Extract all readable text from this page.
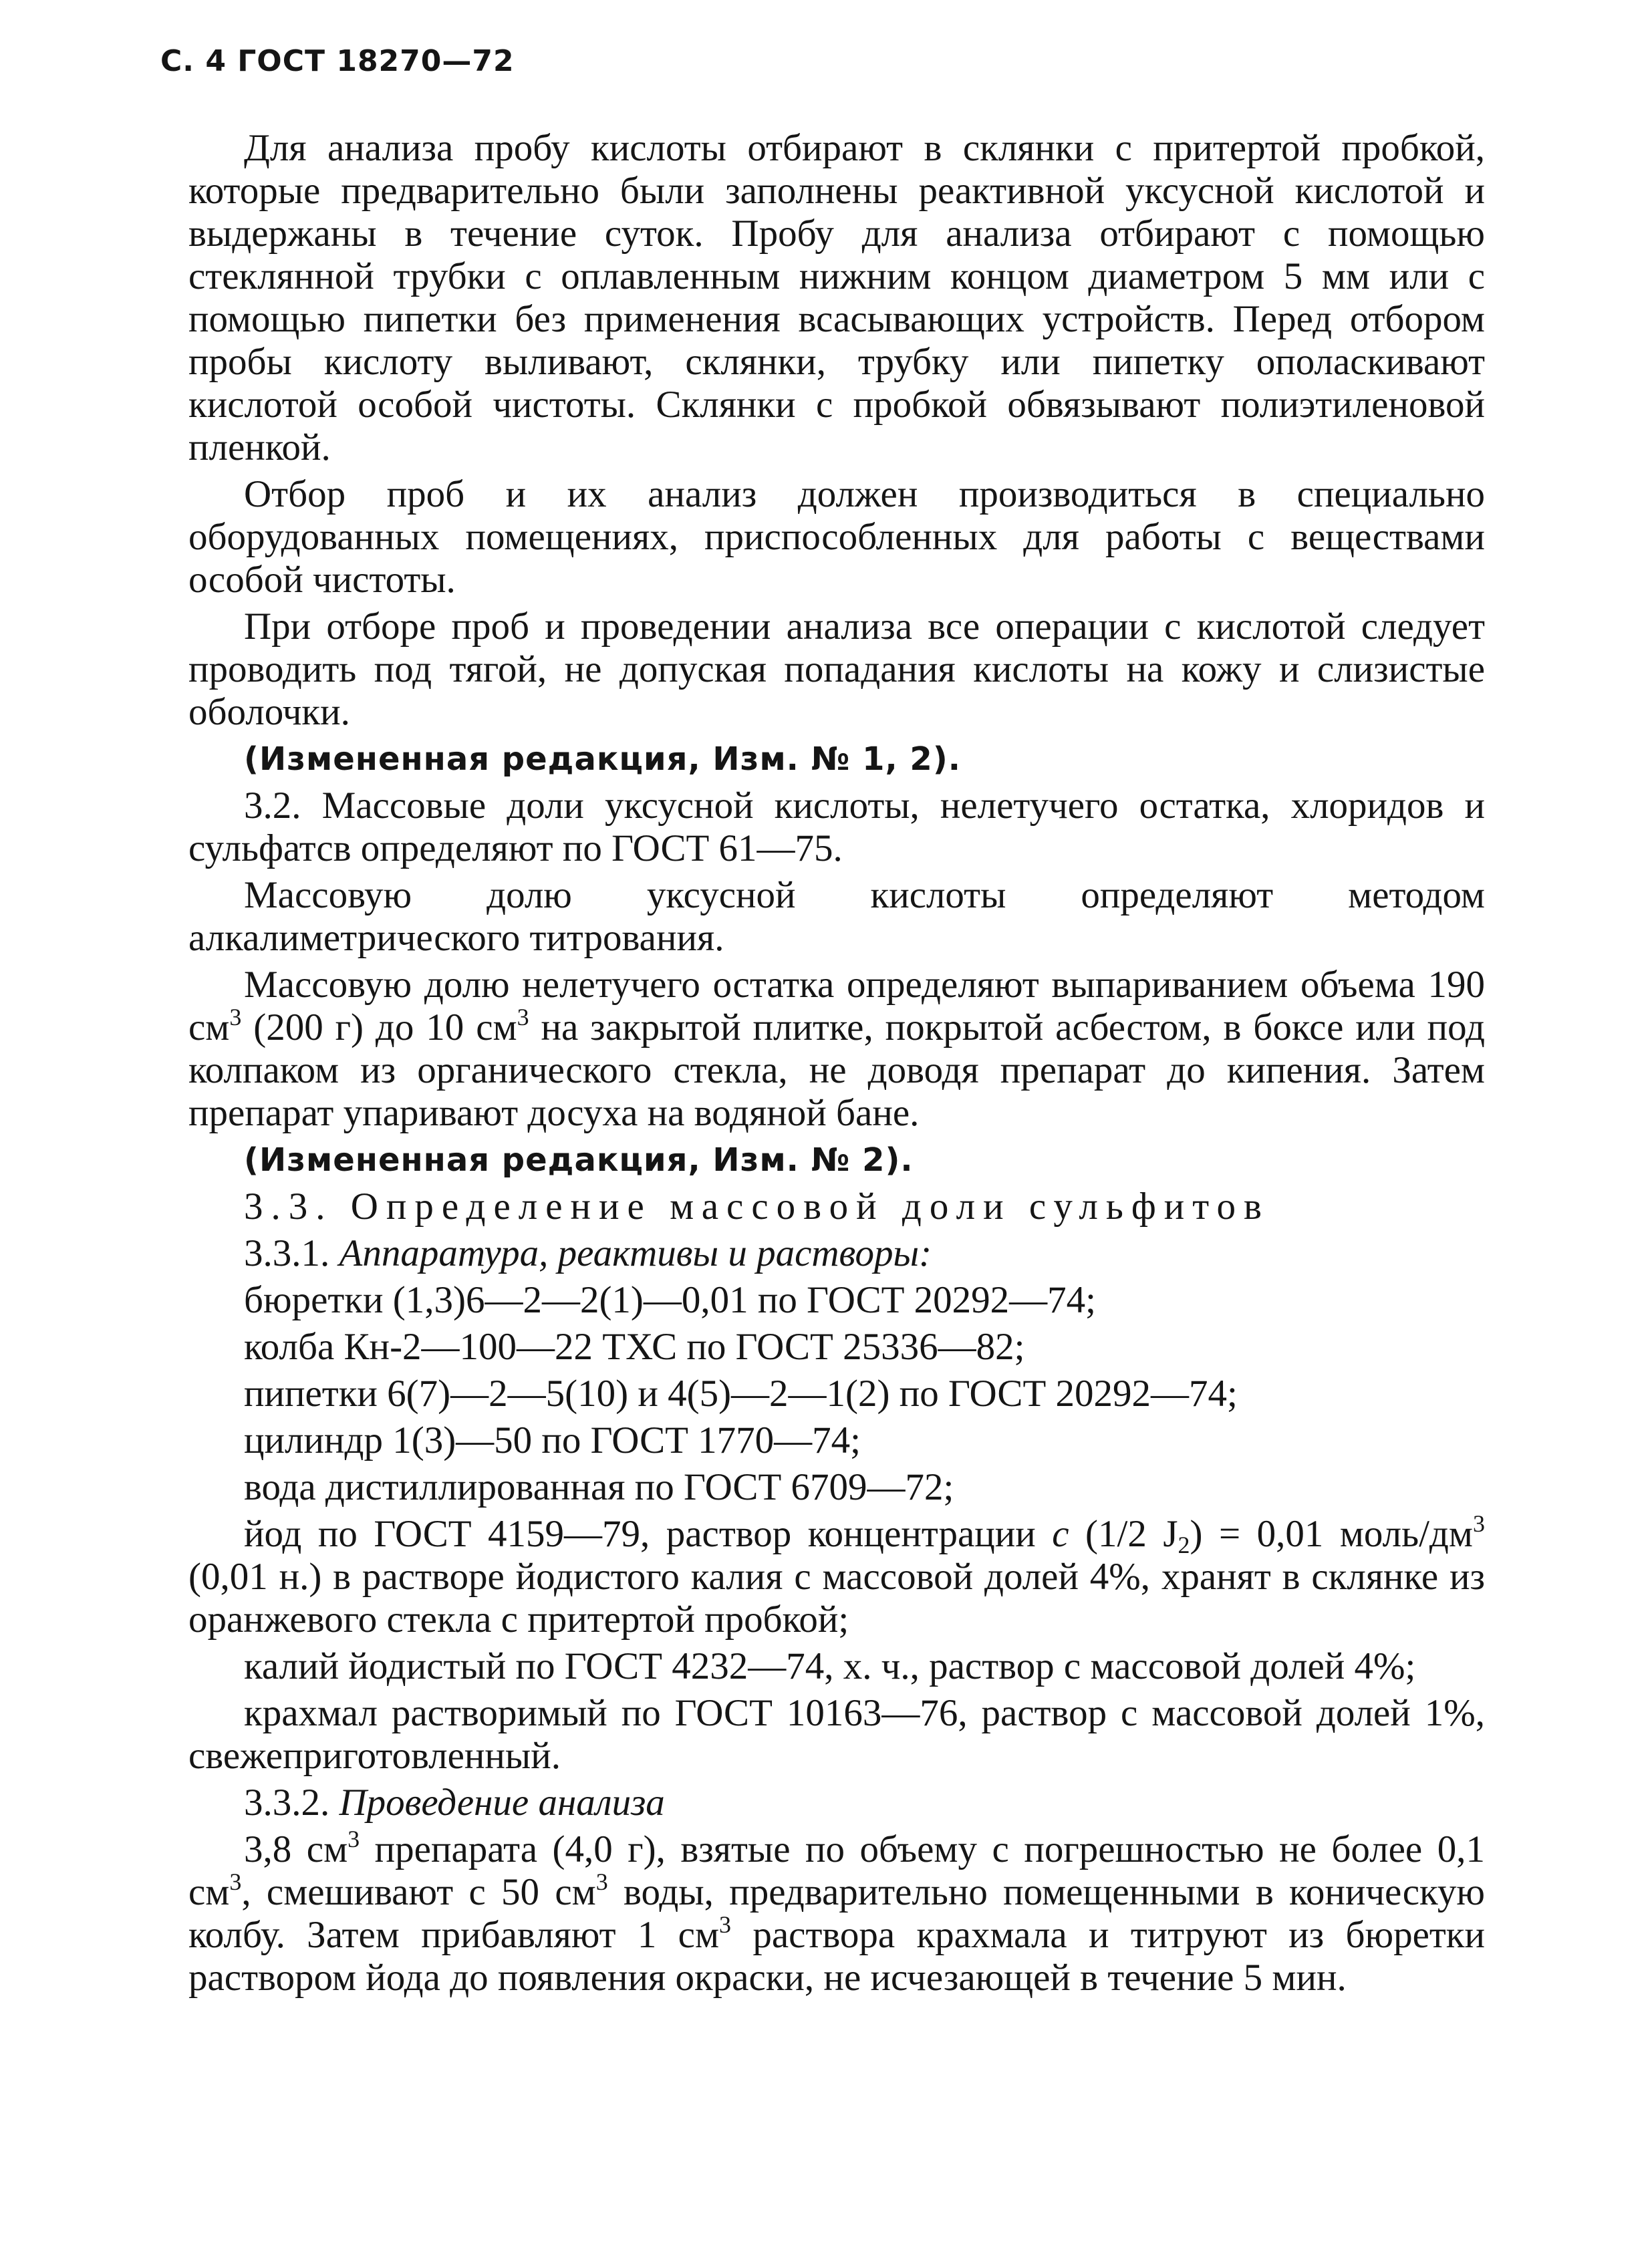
С. 4 ГОСТ 18270—72

Для анализа пробу кислоты отбирают в склянки с притертой пробкой, которые предварительно были заполнены реактивной уксусной кислотой и выдержаны в течение суток. Пробу для анализа отбирают с помощью стеклянной трубки с оплавленным нижним концом диаметром 5 мм или с помощью пипетки без применения всасывающих устройств. Перед отбором пробы кислоту выливают, склянки, трубку или пипетку ополаскивают кислотой особой чистоты. Склянки с пробкой обвязывают полиэтиленовой пленкой.

Отбор проб и их анализ должен производиться в специально оборудованных помещениях, приспособленных для работы с веществами особой чистоты.

При отборе проб и проведении анализа все операции с кислотой следует проводить под тягой, не допуская попадания кислоты на кожу и слизистые оболочки.

(Измененная редакция, Изм. № 1, 2).

3.2. Массовые доли уксусной кислоты, нелетучего остатка, хлоридов и сульфатсв определяют по ГОСТ 61—75.

Массовую долю уксусной кислоты определяют методом алкалиметрического титрования.

Массовую долю нелетучего остатка определяют выпариванием объема 190 $см^3$ (200 г) до 10 $см^3$ на закрытой плитке, покрытой асбестом, в боксе или под колпаком из органического стекла, не доводя препарат до кипения. Затем препарат упаривают досуха на водяной бане.

(Измененная редакция, Изм. № 2).

3.3. Определение массовой доли сульфитов

3.3.1. Аппаратура, реактивы и растворы:

бюретки (1,3)6—2—2(1)—0,01 по ГОСТ 20292—74;

колба Кн-2—100—22 ТХС по ГОСТ 25336—82;

пипетки 6(7)—2—5(10) и 4(5)—2—1(2) по ГОСТ 20292—74;

цилиндр 1(3)—50 по ГОСТ 1770—74;

вода дистиллированная по ГОСТ 6709—72;

йод по ГОСТ 4159—79, раствор концентрации c (1/2 $J_2) = 0,01$ моль/$дм^3$ (0,01 н.) в растворе йодистого калия с массовой долей 4%, хранят в склянке из оранжевого стекла с притертой пробкой;

калий йодистый по ГОСТ 4232—74, х. ч., раствор с массовой долей 4%;

крахмал растворимый по ГОСТ 10163—76, раствор с массовой долей 1%, свежеприготовленный.

3.3.2. Проведение анализа

3,8 $см^3$ препарата (4,0 г), взятые по объему с погрешностью не более 0,1 $см^3$, смешивают с 50 $см^3$ воды, предварительно помещенными в коническую колбу. Затем прибавляют 1 $см^3$ раствора крахмала и титруют из бюретки раствором йода до появления окраски, не исчезающей в течение 5 мин.
